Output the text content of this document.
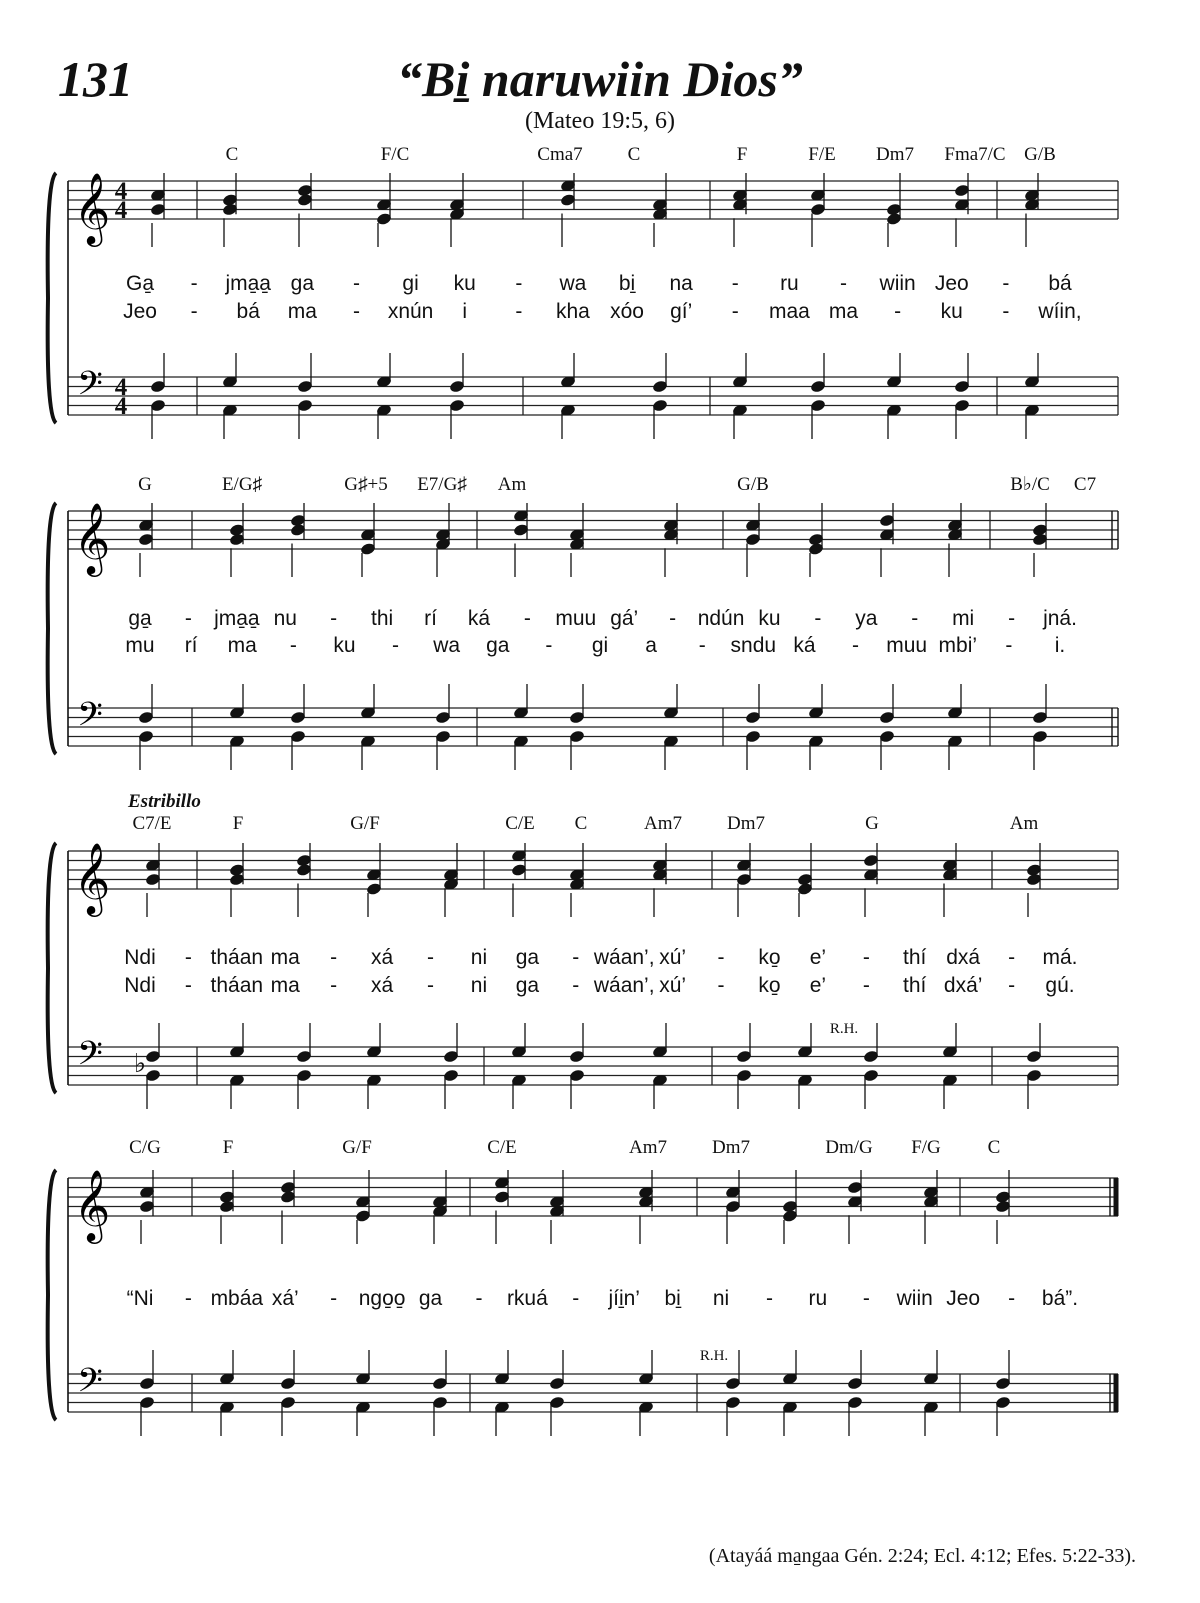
131	“Bi̱ naruwiin Dios”
(Mateo 19:5, 6)
𝄞
𝄢
4
4
4
4
C	F/C	Cma7 C	F	F/E Dm7 Fma7/C G/B
Ga̱ - jma̱a̱ ga - gi ku - wa bi̱ na - ru - wiin Jeo - bá
Jeo - bá ma - xnún i - kha xóo gí’ - maa ma - ku - wíin,
𝄞
𝄢
G	E/G♯	G♯+5 E7/G♯ Am	G/B	B♭/C C7
ga̱ - jma̱a̱ nu - thi rí ká - muu gá’ - ndún ku - ya - mi - jná.
mu rí ma - ku - wa ga - gi a - sndu ká - muu mbi’ - i.
𝄞
𝄢 ♭
Estribillo
C7/E	F	G/F	C/E C	Am7 Dm7	G	Am
R.H.
Ndi - tháan ma - xá - ni ga - wáan’, xú’ - ko̱ e’ - thí dxá - má.
Ndi - tháan ma - xá - ni ga - wáan’, xú’ - ko̱ e’ - thí dxá’ - gú.
𝄞
𝄢
C/G	F	G/F	C/E	Am7 Dm7	Dm/G F/G C
R.H.
“Ni - mbáa xá’ - ngo̱o̱ ga - rkuá - jíi̱n’ bi̱ ni - ru - wiin Jeo - bá”.
(Atayáá ma̱ngaa Gén. 2:24; Ecl. 4:12; Efes. 5:22-33).
